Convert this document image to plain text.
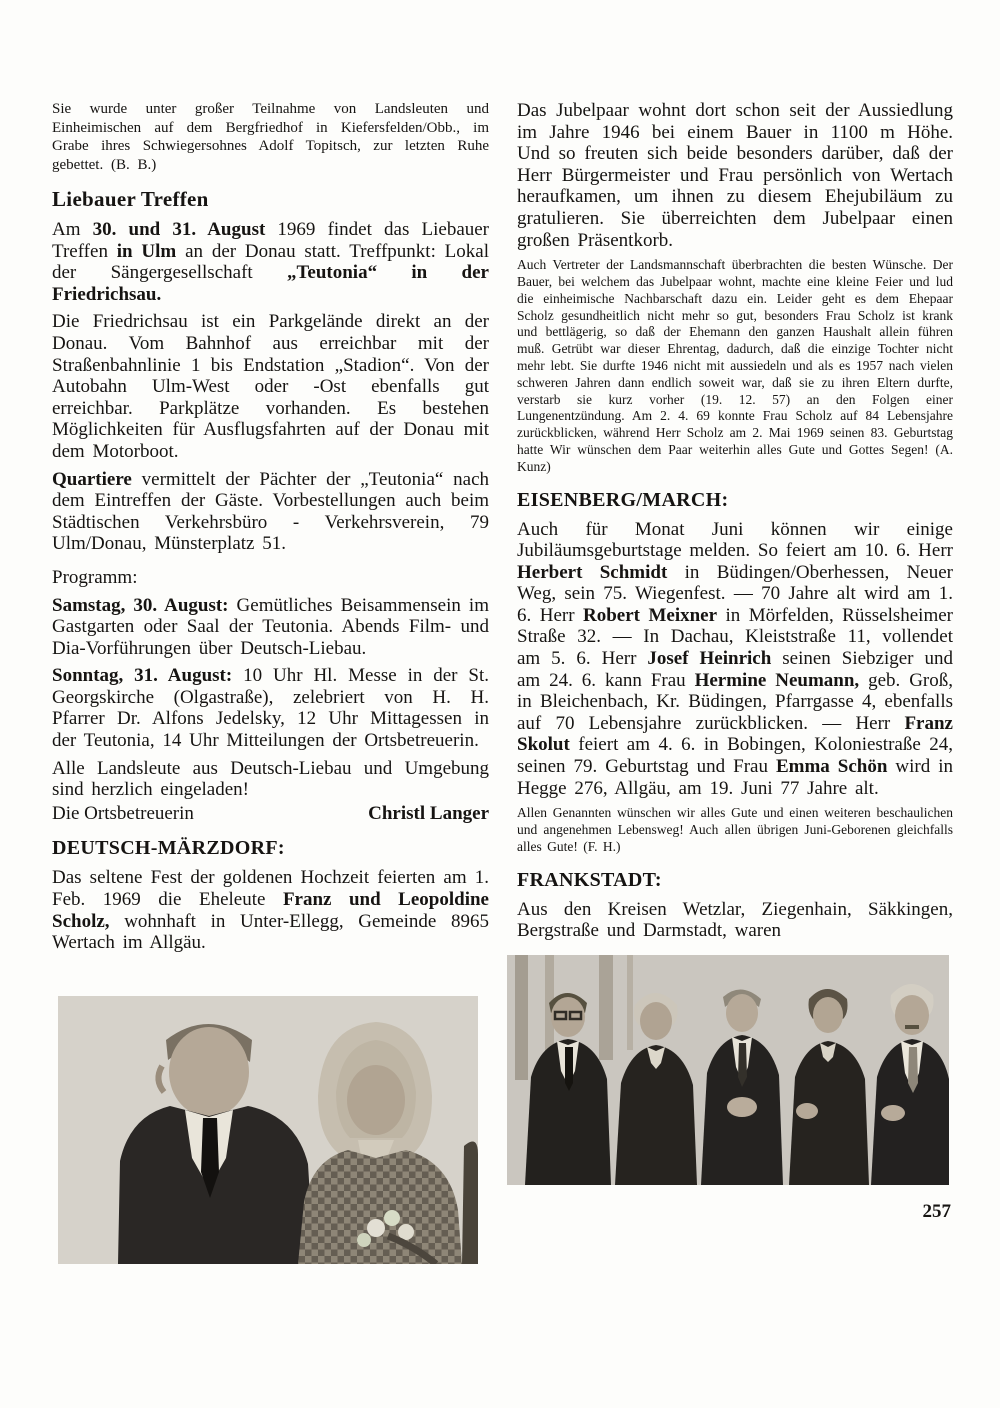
Sie wurde unter großer Teilnahme von Landsleuten und Einheimischen auf dem Bergfriedhof in Kiefersfelden/Obb., im Grabe ihres Schwiegersohnes Adolf Topitsch, zur letzten Ruhe gebettet. (B. B.)

Liebauer Treffen

Am 30. und 31. August 1969 findet das Liebauer Treffen in Ulm an der Donau statt. Treffpunkt: Lokal der Sängergesellschaft „Teutonia“ in der Friedrichsau.

Die Friedrichsau ist ein Parkgelände direkt an der Donau. Vom Bahnhof aus erreichbar mit der Straßenbahnlinie 1 bis Endstation „Stadion“. Von der Autobahn Ulm-West oder -Ost ebenfalls gut erreichbar. Parkplätze vorhanden. Es bestehen Möglichkeiten für Ausflugsfahrten auf der Donau mit dem Motorboot.

Quartiere vermittelt der Pächter der „Teutonia“ nach dem Eintreffen der Gäste. Vorbestellungen auch beim Städtischen Verkehrsbüro - Verkehrsverein, 79 Ulm/Donau, Münsterplatz 51.

Programm:

Samstag, 30. August: Gemütliches Beisammensein im Gastgarten oder Saal der Teutonia. Abends Film- und Dia-Vorführungen über Deutsch-Liebau.

Sonntag, 31. August: 10 Uhr Hl. Messe in der St. Georgskirche (Olgastraße), zelebriert von H. H. Pfarrer Dr. Alfons Jedelsky, 12 Uhr Mittagessen in der Teutonia, 14 Uhr Mitteilungen der Ortsbetreuerin.

Alle Landsleute aus Deutsch-Liebau und Umgebung sind herzlich eingeladen!

Die Ortsbetreuerin	Christl Langer
DEUTSCH-MÄRZDORF:

Das seltene Fest der goldenen Hochzeit feierten am 1. Feb. 1969 die Eheleute Franz und Leopoldine Scholz, wohnhaft in Unter-Ellegg, Gemeinde 8965 Wertach im Allgäu.

Das Jubelpaar wohnt dort schon seit der Aussiedlung im Jahre 1946 bei einem Bauer in 1100 m Höhe. Und so freuten sich beide besonders darüber, daß der Herr Bürgermeister und Frau persönlich von Wertach heraufkamen, um ihnen zu diesem Ehejubiläum zu gratulieren. Sie überreichten dem Jubelpaar einen großen Präsentkorb.

Auch Vertreter der Landsmannschaft überbrachten die besten Wünsche. Der Bauer, bei welchem das Jubelpaar wohnt, machte eine kleine Feier und lud die einheimische Nachbarschaft dazu ein. Leider geht es dem Ehepaar Scholz gesundheitlich nicht mehr so gut, besonders Frau Scholz ist krank und bettlägerig, so daß der Ehemann den ganzen Haushalt allein führen muß. Getrübt war dieser Ehrentag, dadurch, daß die einzige Tochter nicht mehr lebt. Sie durfte 1946 nicht mit aussiedeln und als es 1957 nach vielen schweren Jahren dann endlich soweit war, daß sie zu ihren Eltern durfte, verstarb sie kurz vorher (19. 12. 57) an den Folgen einer Lungenentzündung. Am 2. 4. 69 konnte Frau Scholz auf 84 Lebensjahre zurückblicken, während Herr Scholz am 2. Mai 1969 seinen 83. Geburtstag hatte Wir wünschen dem Paar weiterhin alles Gute und Gottes Segen! (A. Kunz)

EISENBERG/MARCH:

Auch für Monat Juni können wir einige Jubiläumsgeburtstage melden. So feiert am 10. 6. Herr Herbert Schmidt in Büdingen/Oberhessen, Neuer Weg, sein 75. Wiegenfest. — 70 Jahre alt wird am 1. 6. Herr Robert Meixner in Mörfelden, Rüsselsheimer Straße 32. — In Dachau, Kleiststraße 11, vollendet am 5. 6. Herr Josef Heinrich seinen Siebziger und am 24. 6. kann Frau Hermine Neumann, geb. Groß, in Bleichenbach, Kr. Büdingen, Pfarrgasse 4, ebenfalls auf 70 Lebensjahre zurückblicken. — Herr Franz Skolut feiert am 4. 6. in Bobingen, Koloniestraße 24, seinen 79. Geburtstag und Frau Emma Schön wird in Hegge 276, Allgäu, am 19. Juni 77 Jahre alt.

Allen Genannten wünschen wir alles Gute und einen weiteren beschaulichen und angenehmen Lebensweg! Auch allen übrigen Juni-Geborenen gleichfalls alles Gute! (F. H.)

FRANKSTADT:

Aus den Kreisen Wetzlar, Ziegenhain, Säkkingen, Bergstraße und Darmstadt, waren

257
